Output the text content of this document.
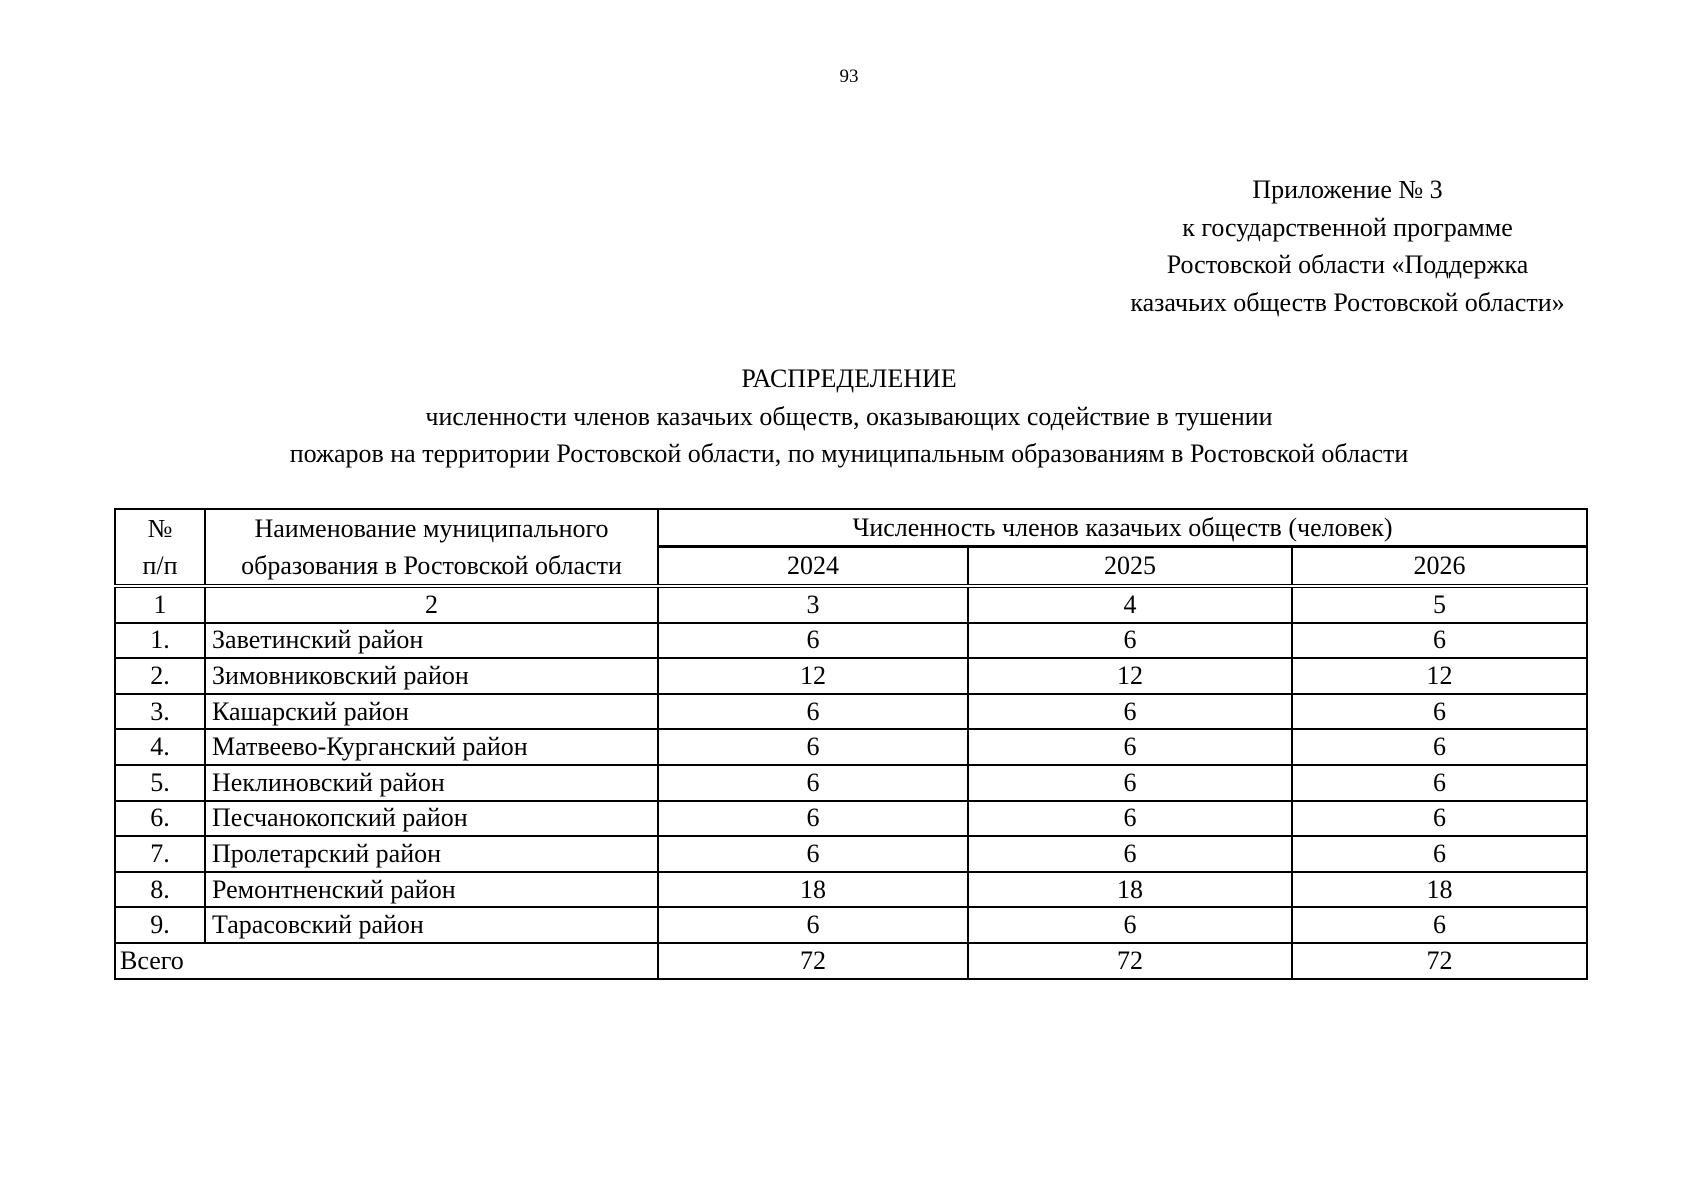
93
Приложение № 3
к государственной программе
Ростовской области «Поддержка
казачьих обществ Ростовской области»
РАСПРЕДЕЛЕНИЕ
численности членов казачьих обществ, оказывающих содействие в тушении
пожаров на территории Ростовской области, по муниципальным образованиям в Ростовской области
№ п/п	Наименование муниципального образования в Ростовской области	Численность членов казачьих обществ (человек)		
		2024	2025	2026
1	2	3	4	5
1.	Заветинский район	6	6	6
2.	Зимовниковский район	12	12	12
3.	Кашарский район	6	6	6
4.	Матвеево-Курганский район	6	6	6
5.	Неклиновский район	6	6	6
6.	Песчанокопский район	6	6	6
7.	Пролетарский район	6	6	6
8.	Ремонтненский район	18	18	18
9.	Тарасовский район	6	6	6
Всего		72	72	72
